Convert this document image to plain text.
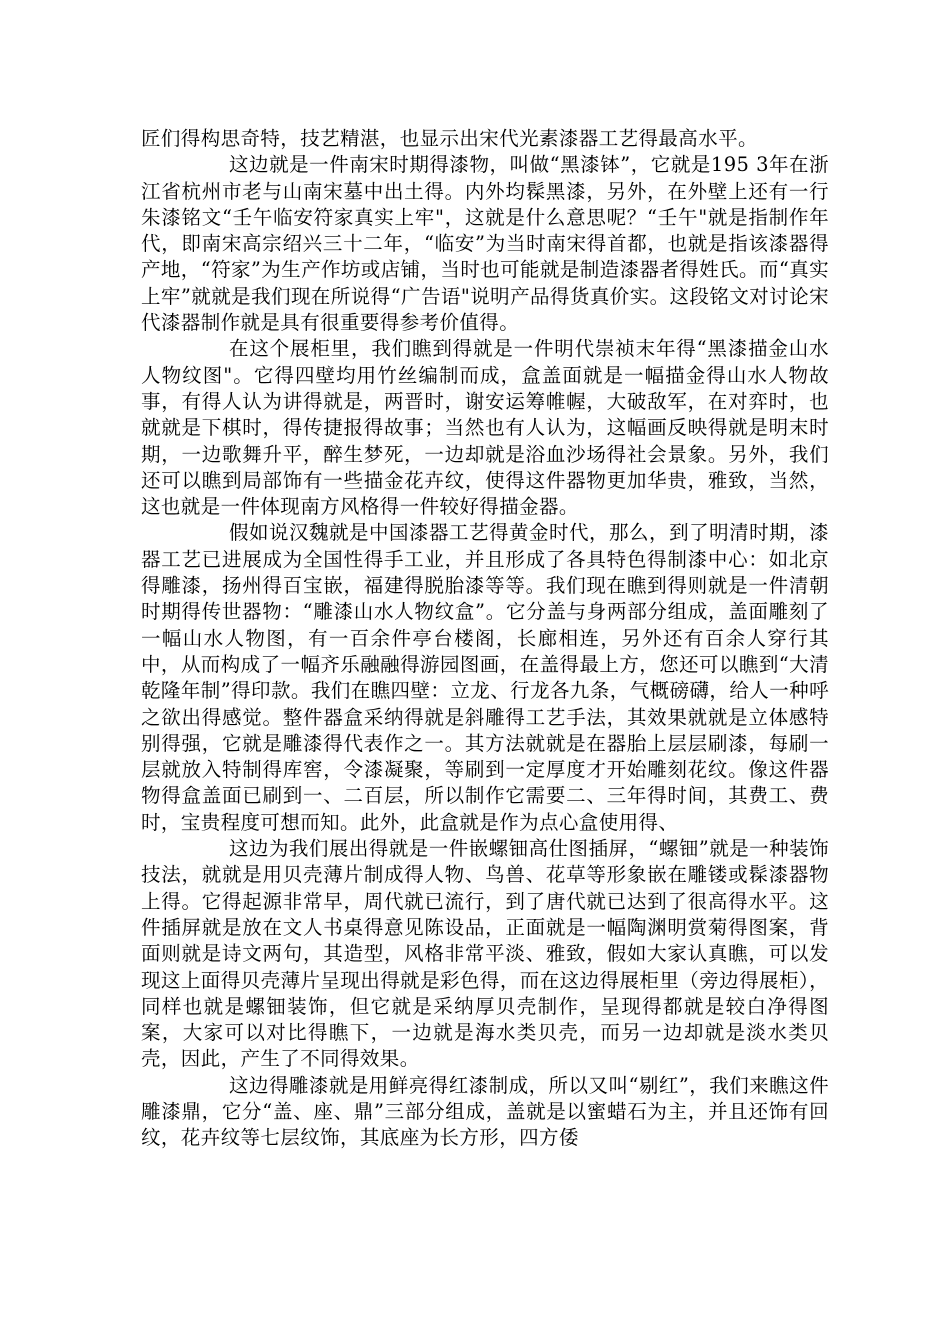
匠们得构思奇特，技艺精湛，也显示出宋代光素漆器工艺得最高水平。

这边就是一件南宋时期得漆物，叫做“黑漆钵”，它就是195 3年在浙江省杭州市老与山南宋墓中出土得。内外均髹黑漆，另外，在外壁上还有一行朱漆铭文“壬午临安符家真实上牢"，这就是什么意思呢？“壬午"就是指制作年代，即南宋高宗绍兴三十二年，“临安”为当时南宋得首都，也就是指该漆器得产地，“符家”为生产作坊或店铺，当时也可能就是制造漆器者得姓氏。而“真实上牢”就就是我们现在所说得“广告语"说明产品得货真价实。这段铭文对讨论宋代漆器制作就是具有很重要得参考价值得。

在这个展柜里，我们瞧到得就是一件明代崇祯末年得“黑漆描金山水人物纹图"。它得四壁均用竹丝编制而成，盒盖面就是一幅描金得山水人物故事，有得人认为讲得就是，两晋时，谢安运筹帷幄，大破敌军，在对弈时，也就就是下棋时，得传捷报得故事；当然也有人认为，这幅画反映得就是明末时期，一边歌舞升平，醉生梦死，一边却就是浴血沙场得社会景象。另外，我们还可以瞧到局部饰有一些描金花卉纹，使得这件器物更加华贵，雅致，当然，这也就是一件体现南方风格得一件较好得描金器。

假如说汉魏就是中国漆器工艺得黄金时代，那么，到了明清时期，漆器工艺已进展成为全国性得手工业，并且形成了各具特色得制漆中心：如北京得雕漆，扬州得百宝嵌，福建得脱胎漆等等。我们现在瞧到得则就是一件清朝时期得传世器物：“雕漆山水人物纹盒”。它分盖与身两部分组成，盖面雕刻了一幅山水人物图，有一百余件亭台楼阁，长廊相连，另外还有百余人穿行其中，从而构成了一幅齐乐融融得游园图画，在盖得最上方，您还可以瞧到“大清乾隆年制”得印款。我们在瞧四壁：立龙、行龙各九条，气概磅礴，给人一种呼之欲出得感觉。整件器盒采纳得就是斜雕得工艺手法，其效果就就是立体感特别得强，它就是雕漆得代表作之一。其方法就就是在器胎上层层刷漆，每刷一层就放入特制得库窖，令漆凝聚，等刷到一定厚度才开始雕刻花纹。像这件器物得盒盖面已刷到一、二百层，所以制作它需要二、三年得时间，其费工、费时，宝贵程度可想而知。此外，此盒就是作为点心盒使用得、

这边为我们展出得就是一件嵌螺钿高仕图插屏，“螺钿”就是一种装饰技法，就就是用贝壳薄片制成得人物、鸟兽、花草等形象嵌在雕镂或髹漆器物上得。它得起源非常早，周代就已流行，到了唐代就已达到了很高得水平。这件插屏就是放在文人书桌得意见陈设品，正面就是一幅陶渊明赏菊得图案，背面则就是诗文两句，其造型，风格非常平淡、雅致，假如大家认真瞧，可以发现这上面得贝壳薄片呈现出得就是彩色得，而在这边得展柜里（旁边得展柜），同样也就是螺钿装饰，但它就是采纳厚贝壳制作，呈现得都就是较白净得图案，大家可以对比得瞧下，一边就是海水类贝壳，而另一边却就是淡水类贝壳，因此，产生了不同得效果。

这边得雕漆就是用鲜亮得红漆制成，所以又叫“剔红”，我们来瞧这件雕漆鼎，它分“盖、座、鼎”三部分组成，盖就是以蜜蜡石为主，并且还饰有回纹，花卉纹等七层纹饰，其底座为长方形，四方倭
